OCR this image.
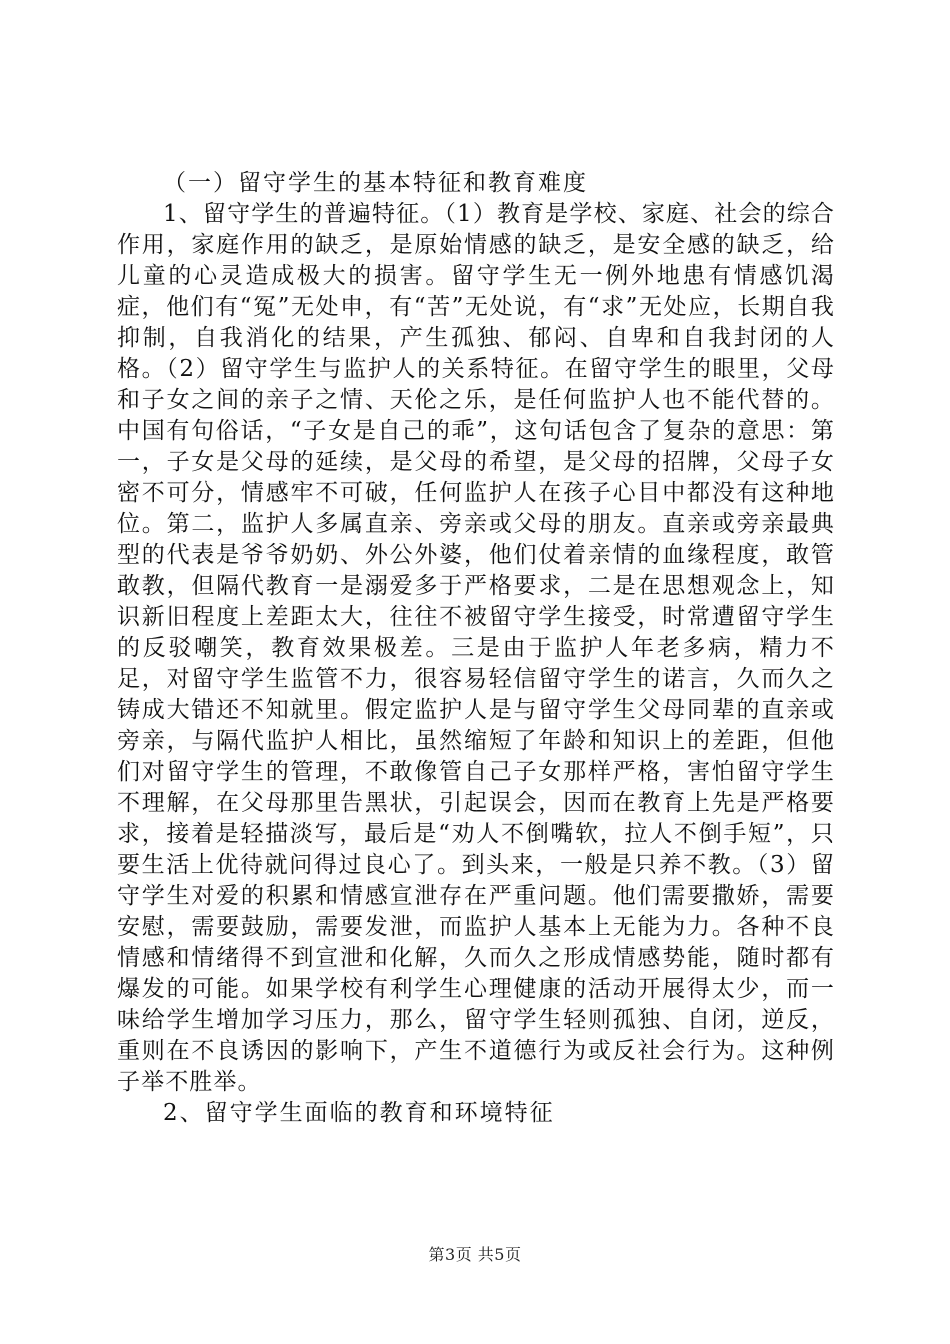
（一）留守学生的基本特征和教育难度

1、留守学生的普遍特征。（1）教育是学校、家庭、社会的综合作用，家庭作用的缺乏，是原始情感的缺乏，是安全感的缺乏，给儿童的心灵造成极大的损害。留守学生无一例外地患有情感饥渴症，他们有“冤”无处申，有“苦”无处说，有“求”无处应，长期自我抑制，自我消化的结果，产生孤独、郁闷、自卑和自我封闭的人格。（2）留守学生与监护人的关系特征。在留守学生的眼里，父母和子女之间的亲子之情、天伦之乐，是任何监护人也不能代替的。中国有句俗话，“子女是自己的乖”，这句话包含了复杂的意思：第一，子女是父母的延续，是父母的希望，是父母的招牌，父母子女密不可分，情感牢不可破，任何监护人在孩子心目中都没有这种地位。第二，监护人多属直亲、旁亲或父母的朋友。直亲或旁亲最典型的代表是爷爷奶奶、外公外婆，他们仗着亲情的血缘程度，敢管敢教，但隔代教育一是溺爱多于严格要求，二是在思想观念上，知识新旧程度上差距太大，往往不被留守学生接受，时常遭留守学生的反驳嘲笑，教育效果极差。三是由于监护人年老多病，精力不足，对留守学生监管不力，很容易轻信留守学生的诺言，久而久之铸成大错还不知就里。假定监护人是与留守学生父母同辈的直亲或旁亲，与隔代监护人相比，虽然缩短了年龄和知识上的差距，但他们对留守学生的管理，不敢像管自己子女那样严格，害怕留守学生不理解，在父母那里告黑状，引起误会，因而在教育上先是严格要求，接着是轻描淡写，最后是“劝人不倒嘴软，拉人不倒手短”，只要生活上优待就问得过良心了。到头来，一般是只养不教。（3）留守学生对爱的积累和情感宣泄存在严重问题。他们需要撒娇，需要安慰，需要鼓励，需要发泄，而监护人基本上无能为力。各种不良情感和情绪得不到宣泄和化解，久而久之形成情感势能，随时都有爆发的可能。如果学校有利学生心理健康的活动开展得太少，而一味给学生增加学习压力，那么，留守学生轻则孤独、自闭，逆反，重则在不良诱因的影响下，产生不道德行为或反社会行为。这种例子举不胜举。

2、留守学生面临的教育和环境特征

第3页 共5页
